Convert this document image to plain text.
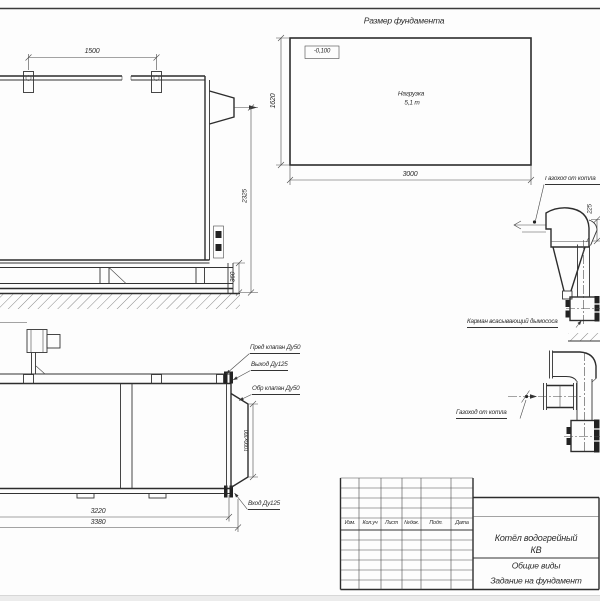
Размер фундамента
-0,100
Нагрузка
5,1 т
3000
1620
1500
2325
360
3220
3380
1000х300
Пред клапан Ду50
Выход Ду125
Обр клапан Ду50
Вход Ду125
Газоход от котла
225
Карман всасывающий дымососа
Газоход от котла
Изм. Кол.уч Лист №док. Подп. Дата
Котёл водогрейный
КВ
Общие виды
Задание на фундамент
